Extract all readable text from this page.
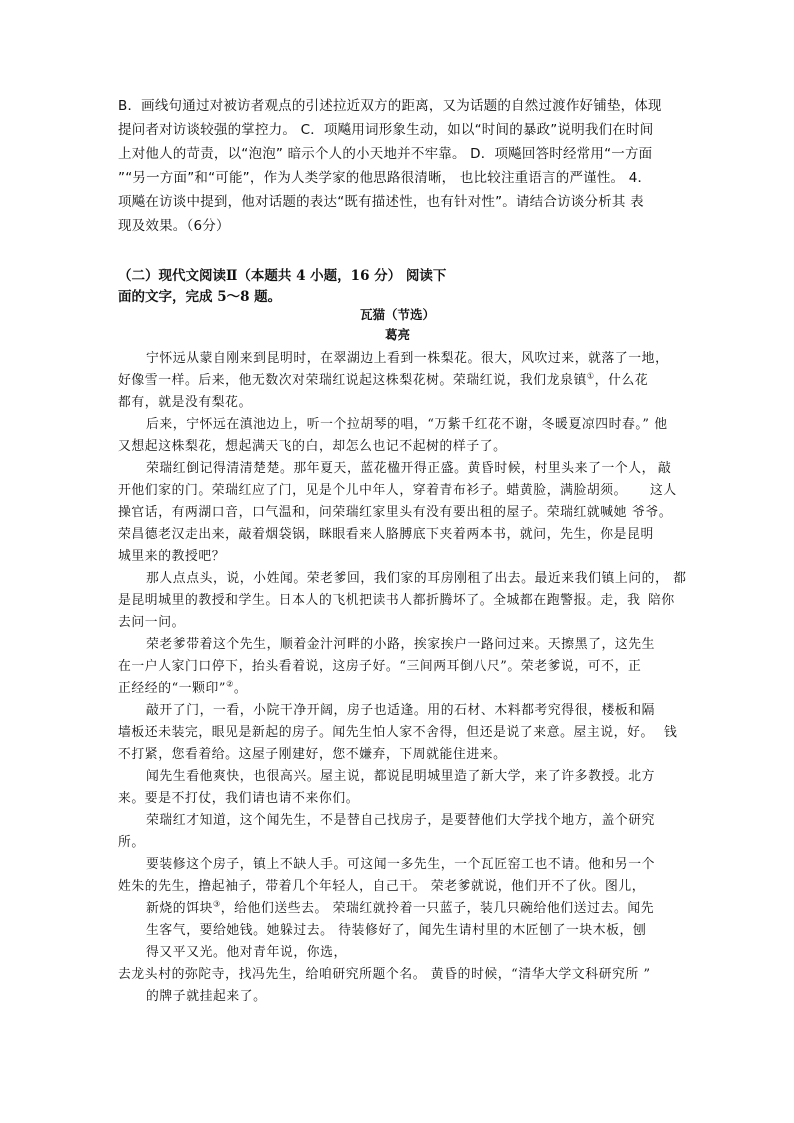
B．画线句通过对被访者观点的引述拉近双方的距离，又为话题的自然过渡作好铺垫，体现
提问者对访谈较强的掌控力。 C．项飚用词形象生动，如以“时间的暴政”说明我们在时间
上对他人的苛责，以“泡泡” 暗示个人的小天地并不牢靠。 D．项飚回答时经常用“一方面
”“另一方面”和“可能”，作为人类学家的他思路很清晰， 也比较注重语言的严谨性。 4．
项飚在访谈中提到，他对话题的表达“既有描述性，也有针对性”。请结合访谈分析其 表
现及效果。（6分）
（二）现代文阅读Ⅱ（本题共 4 小题，16 分） 阅读下
面的文字，完成 5～8 题。
瓦猫（节选）
葛亮
宁怀远从蒙自刚来到昆明时，在翠湖边上看到一株梨花。很大，风吹过来，就落了一地，
好像雪一样。后来，他无数次对荣瑞红说起这株梨花树。荣瑞红说，我们龙泉镇①，什么花
都有，就是没有梨花。
后来，宁怀远在滇池边上，听一个拉胡琴的唱，“万紫千红花不谢，冬暖夏凉四时春。” 他
又想起这株梨花，想起满天飞的白，却怎么也记不起树的样子了。
荣瑞红倒记得清清楚楚。那年夏天，蓝花楹开得正盛。黄昏时候，村里头来了一个人， 敲
开他们家的门。荣瑞红应了门，见是个儿中年人，穿着青布衫子。蜡黄脸，满脸胡须。 这人
操官话，有两湖口音，口气温和，问荣瑞红家里头有没有要出租的屋子。荣瑞红就喊她 爷爷。
荣昌德老汉走出来，敲着烟袋锅，眯眼看来人胳膊底下夹着两本书，就问，先生，你是昆明
城里来的教授吧？
那人点点头，说，小姓闻。荣老爹回，我们家的耳房刚租了出去。最近来我们镇上问的， 都
是昆明城里的教授和学生。日本人的飞机把读书人都折腾坏了。全城都在跑警报。走，我 陪你
去问一问。
荣老爹带着这个先生，顺着金汁河畔的小路，挨家挨户一路问过来。天擦黑了，这先生
在一户人家门口停下，抬头看着说，这房子好。“三间两耳倒八尺”。荣老爹说，可不，正
正经经的“一颗印”②。
敲开了门，一看，小院干净开阔，房子也适逢。用的石材、木料都考究得很，楼板和隔
墙板还未装完，眼见是新起的房子。闻先生怕人家不舍得，但还是说了来意。屋主说，好。 钱
不打紧，您看着给。这屋子刚建好，您不嫌弃，下周就能住进来。
闻先生看他爽快，也很高兴。屋主说，都说昆明城里造了新大学，来了许多教授。北方
来。要是不打仗，我们请也请不来你们。
荣瑞红才知道，这个闻先生，不是替自己找房子，是要替他们大学找个地方，盖个研究
所。
要装修这个房子，镇上不缺人手。可这闻一多先生，一个瓦匠窑工也不请。他和另一个
姓朱的先生，撸起袖子，带着几个年轻人，自己干。 荣老爹就说，他们开不了伙。图儿，
新烧的饵块③，给他们送些去。 荣瑞红就拎着一只蓝子，装几只碗给他们送过去。闻先
生客气，要给她钱。她躲过去。 待装修好了，闻先生请村里的木匠刨了一块木板，刨
得又平又光。他对青年说，你选，
去龙头村的弥陀寺，找冯先生，给咱研究所题个名。 黄昏的时候，“清华大学文科研究所 ”
的牌子就挂起来了。
